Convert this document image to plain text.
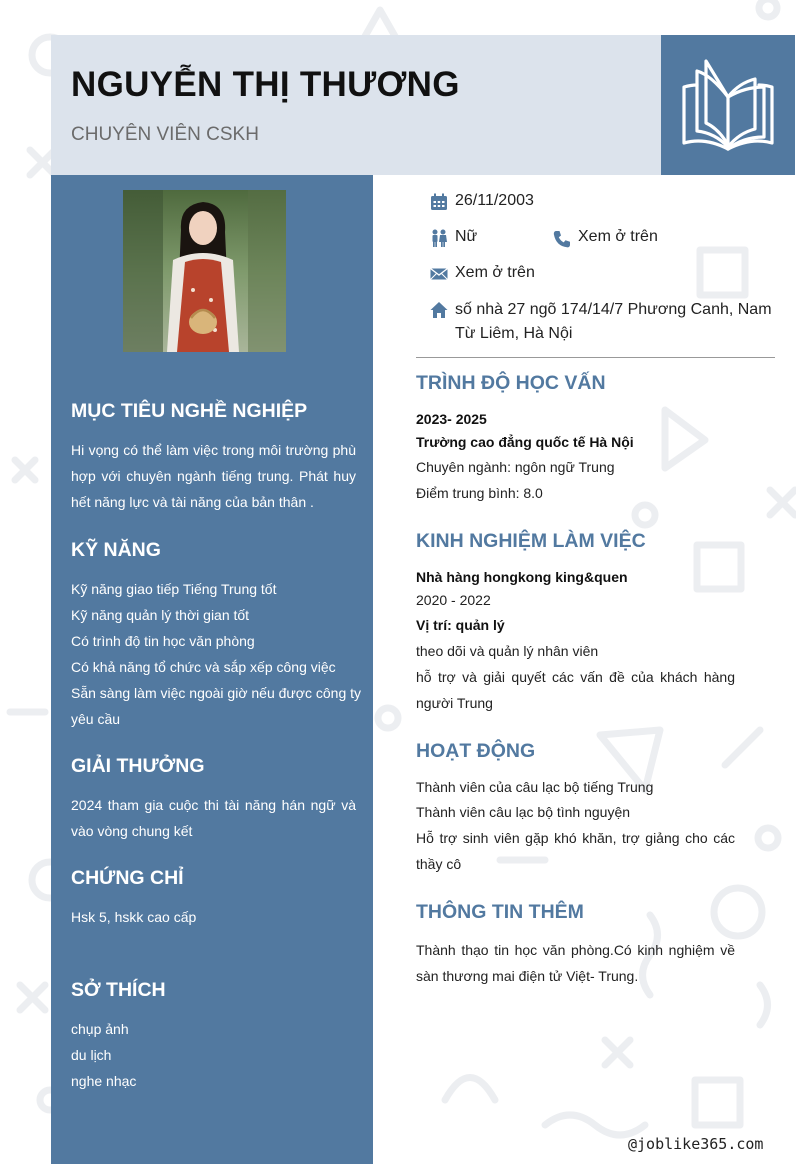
NGUYỄN THỊ THƯƠNG
CHUYÊN VIÊN CSKH
MỤC TIÊU NGHỀ NGHIỆP
Hi vọng có thể làm việc trong môi trường phù hợp với chuyên ngành tiếng trung. Phát huy hết năng lực và tài năng của bản thân .
KỸ NĂNG
Kỹ năng giao tiếp Tiếng Trung tốt
Kỹ năng quản lý thời gian tốt
Có trình độ tin học văn phòng
Có khả năng tổ chức và sắp xếp công việc
Sẵn sàng làm việc ngoài giờ nếu được công ty yêu cầu
GIẢI THƯỞNG
2024 tham gia cuộc thi tài năng hán ngữ và vào vòng chung kết
CHỨNG CHỈ
Hsk 5, hskk cao cấp
SỞ THÍCH
chụp ảnh
du lịch
nghe nhạc
26/11/2003
Nữ	Xem ở trên
Xem ở trên
số nhà 27 ngõ 174/14/7 Phương Canh, Nam Từ Liêm, Hà Nội
TRÌNH ĐỘ HỌC VẤN
2023- 2025
Trường cao đẳng quốc tế Hà Nội
Chuyên ngành: ngôn ngữ Trung
Điểm trung bình: 8.0
KINH NGHIỆM LÀM VIỆC
Nhà hàng hongkong king&quen
2020 - 2022
Vị trí: quản lý
theo dõi và quản lý nhân viên
hỗ trợ và giải quyết các vấn đề của khách hàng người Trung
HOẠT ĐỘNG
Thành viên của câu lạc bộ tiếng Trung
Thành viên câu lạc bộ tình nguyện
Hỗ trợ sinh viên gặp khó khăn, trợ giảng cho các thầy cô
THÔNG TIN THÊM
Thành thạo tin học văn phòng.Có kinh nghiệm về sàn thương mai điện tử Việt- Trung.
@joblike365.com
